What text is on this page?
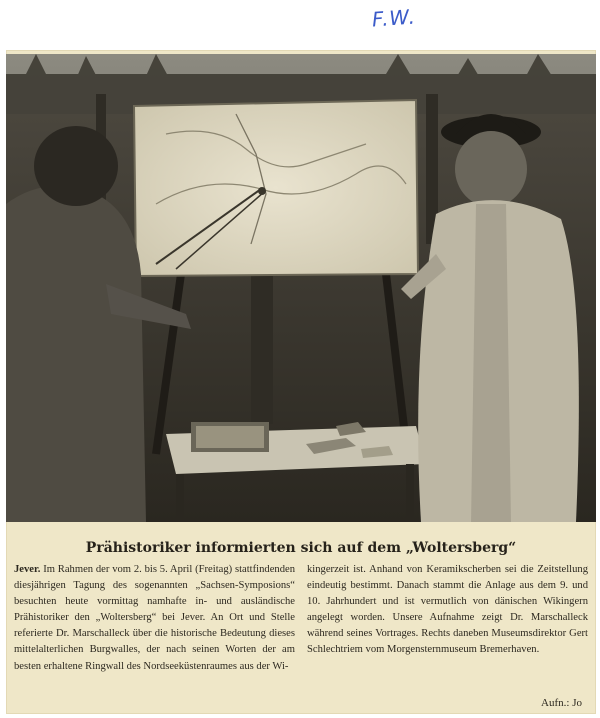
F.W.
Prähistoriker informierten sich auf dem „Woltersberg“

Jever. Im Rahmen der vom 2. bis 5. April (Freitag) stattfindenden diesjährigen Tagung des sogenannten „Sachsen-Symposions“ besuchten heute vormittag namhafte in- und ausländische Prähistoriker den „Woltersberg“ bei Jever. An Ort und Stelle referierte Dr. Marschalleck über die historische Bedeutung dieses mittelalterlichen Burgwalles, der nach seinen Worten der am besten erhaltene Ringwall des Nordseeküstenraumes aus der Wi-

kingerzeit ist. Anhand von Keramikscherben sei die Zeitstellung eindeutig bestimmt. Danach stammt die Anlage aus dem 9. und 10. Jahrhundert und ist vermutlich von dänischen Wikingern angelegt worden. Unsere Aufnahme zeigt Dr. Marschalleck während seines Vortrages. Rechts daneben Museumsdirektor Gert Schlechtriem vom Morgensternmuseum Bremerhaven.

Aufn.: Jo
